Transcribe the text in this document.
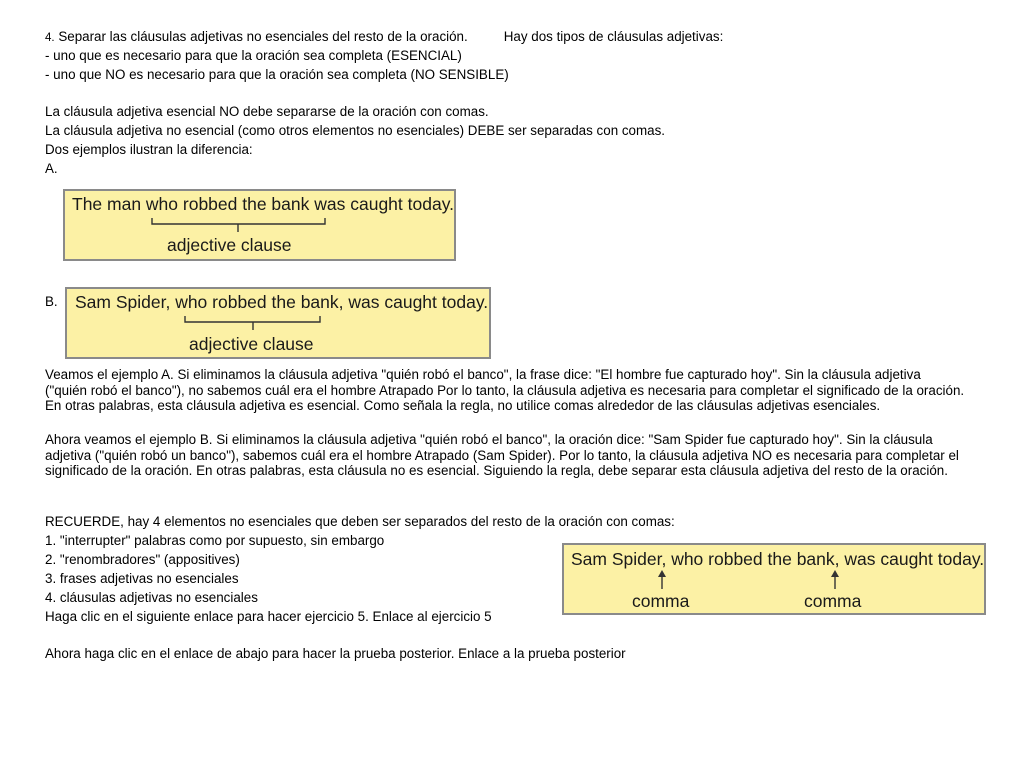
4. Separar las cláusulas adjetivas no esenciales del resto de la oración.	Hay dos tipos de cláusulas adjetivas:
- uno que es necesario para que la oración sea completa (ESENCIAL)
- uno que NO es necesario para que la oración sea completa (NO SENSIBLE)
La cláusula adjetiva esencial NO debe separarse de la oración con comas.
La cláusula adjetiva no esencial (como otros elementos no esenciales) DEBE ser separadas con comas.
Dos ejemplos ilustran la diferencia:
A.
The man who robbed the bank was caught today.
adjective clause
B. Sam Spider, who robbed the bank, was caught today.
adjective clause
Veamos el ejemplo A. Si eliminamos la cláusula adjetiva "quién robó el banco", la frase dice: "El hombre fue capturado hoy". Sin la cláusula adjetiva ("quién robó el banco"), no sabemos cuál era el hombre Atrapado Por lo tanto, la cláusula adjetiva es necesaria para completar el significado de la oración. En otras palabras, esta cláusula adjetiva es esencial. Como señala la regla, no utilice comas alrededor de las cláusulas adjetivas esenciales.
Ahora veamos el ejemplo B. Si eliminamos la cláusula adjetiva "quién robó el banco", la oración dice: "Sam Spider fue capturado hoy". Sin la cláusula adjetiva ("quién robó un banco"), sabemos cuál era el hombre Atrapado (Sam Spider). Por lo tanto, la cláusula adjetiva NO es necesaria para completar el significado de la oración. En otras palabras, esta cláusula no es esencial. Siguiendo la regla, debe separar esta cláusula adjetiva del resto de la oración.
RECUERDE, hay 4 elementos no esenciales que deben ser separados del resto de la oración con comas:
1. "interrupter" palabras como por supuesto, sin embargo
2. "renombradores" (appositives)
3. frases adjetivas no esenciales
4. cláusulas adjetivas no esenciales
Haga clic en el siguiente enlace para hacer ejercicio 5. Enlace al ejercicio 5
Sam Spider, who robbed the bank, was caught today.
comma	comma
Ahora haga clic en el enlace de abajo para hacer la prueba posterior. Enlace a la prueba posterior
